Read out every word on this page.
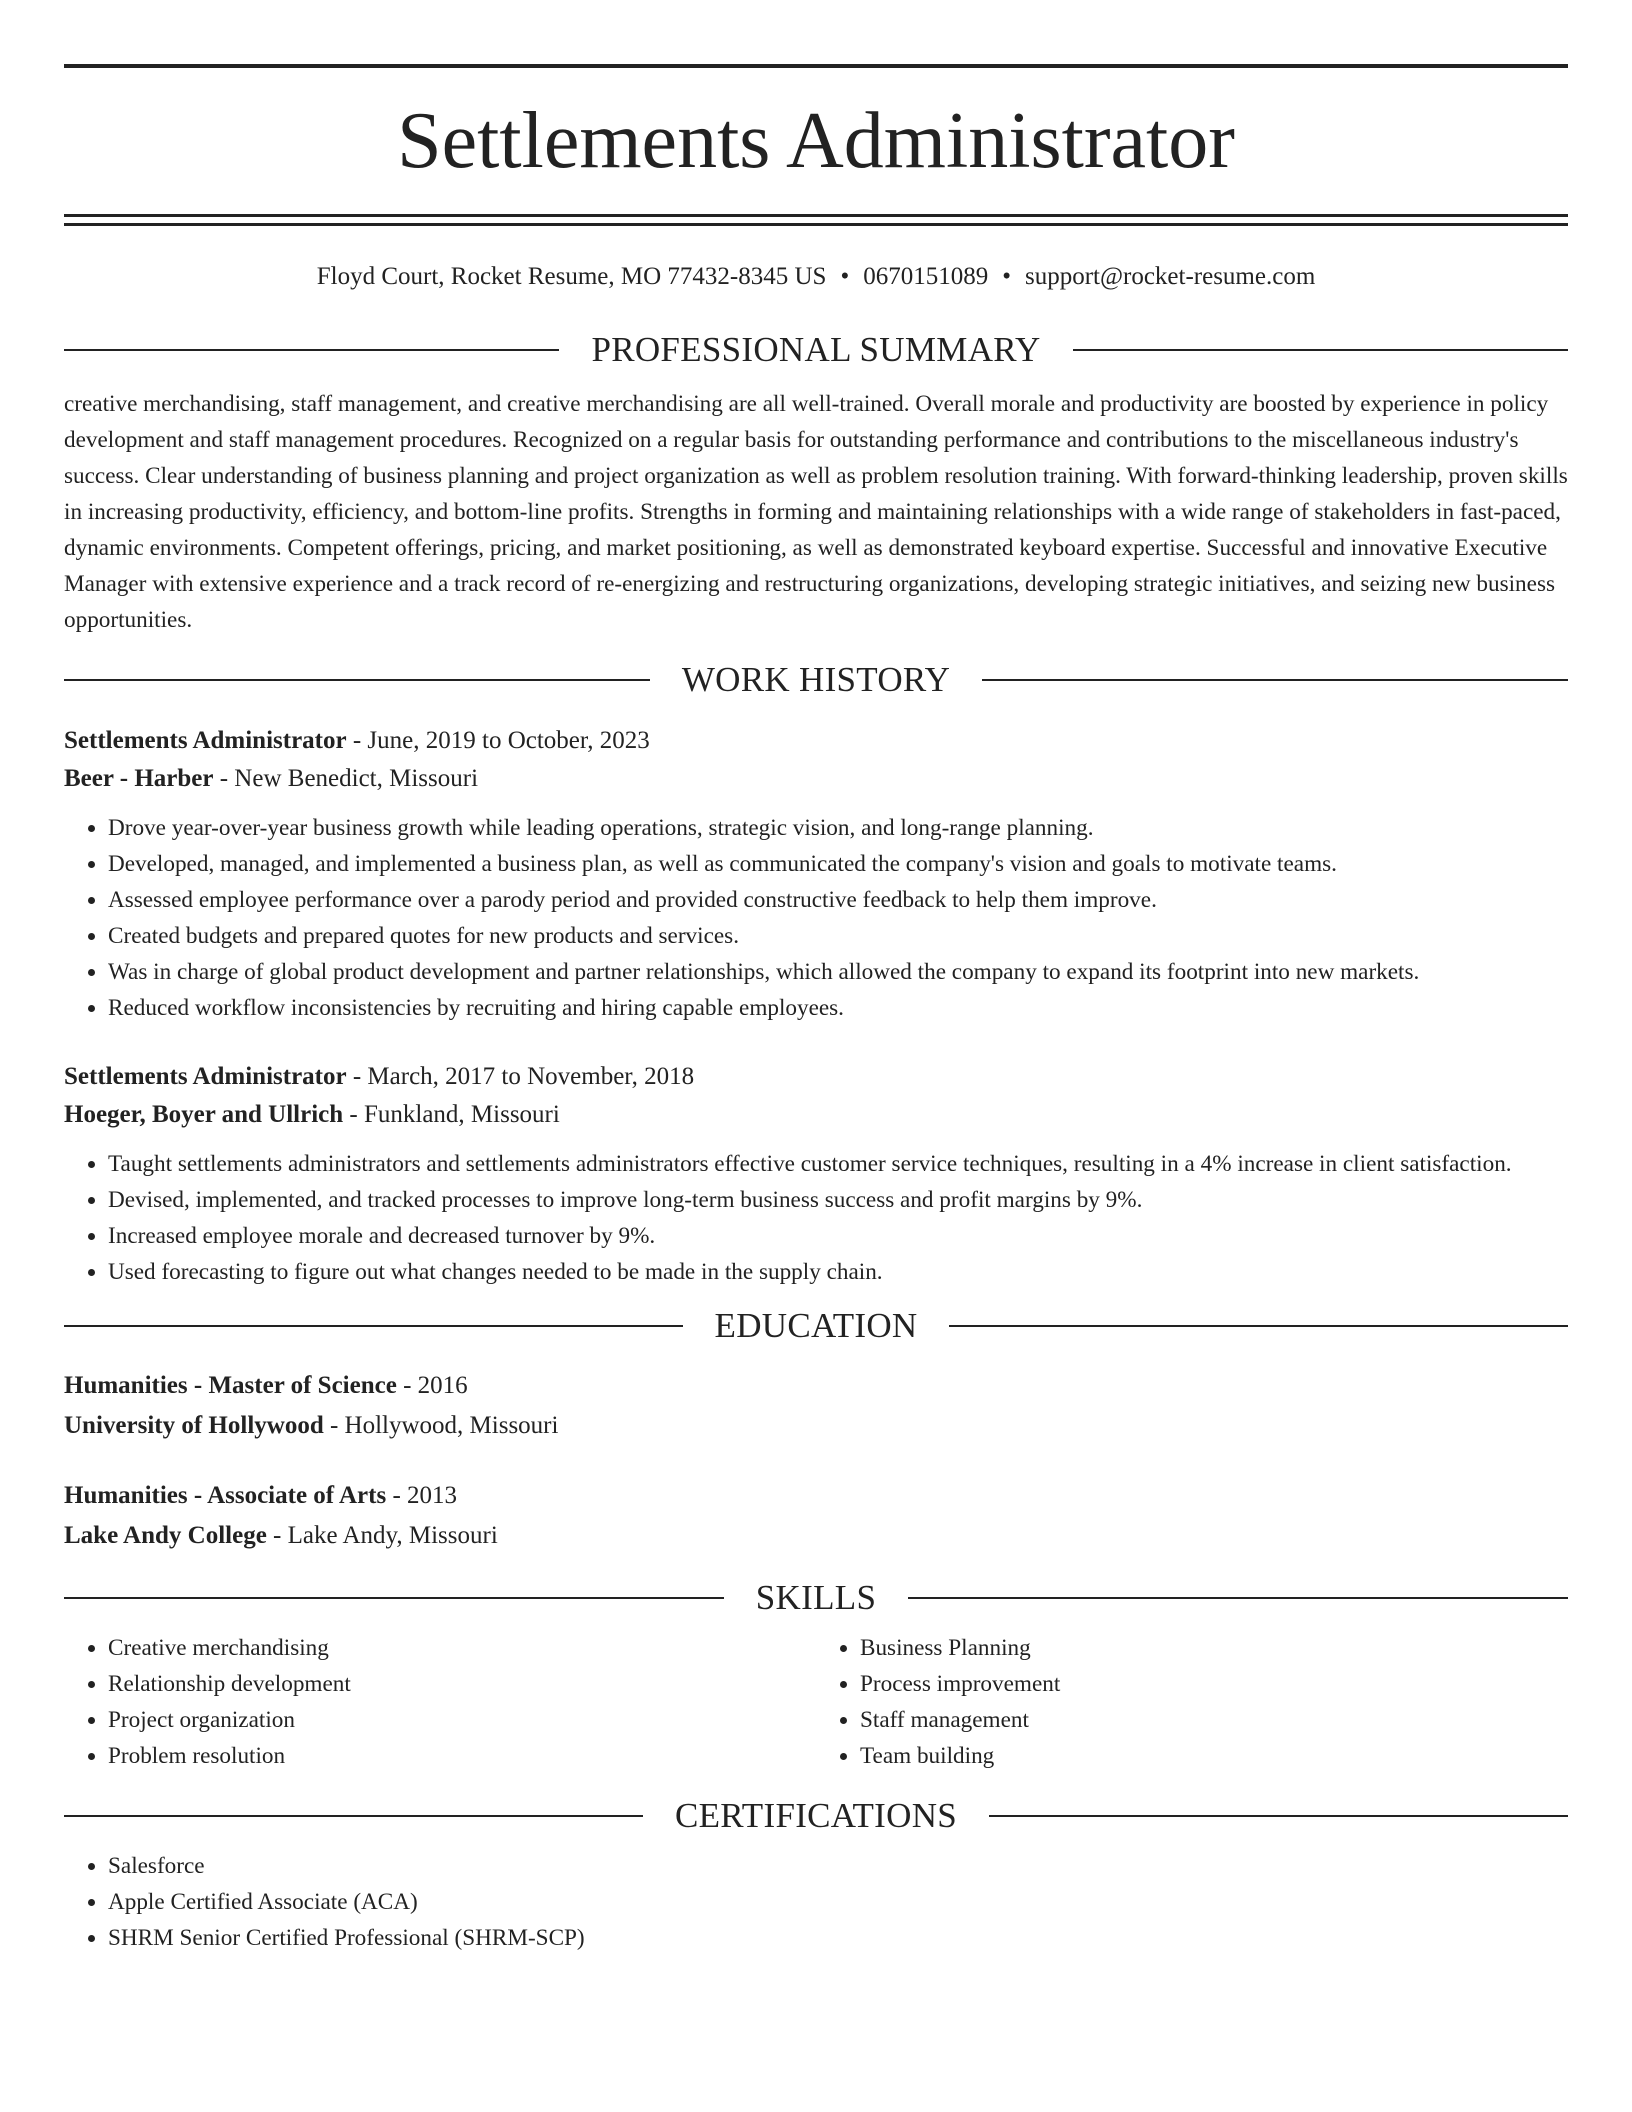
Settlements Administrator
Floyd Court, Rocket Resume, MO 77432-8345 US • 0670151089 • support@rocket-resume.com
PROFESSIONAL SUMMARY

creative merchandising, staff management, and creative merchandising are all well-trained. Overall morale and productivity are boosted by experience in policy development and staff management procedures. Recognized on a regular basis for outstanding performance and contributions to the miscellaneous industry's success. Clear understanding of business planning and project organization as well as problem resolution training. With forward-thinking leadership, proven skills in increasing productivity, efficiency, and bottom-line profits. Strengths in forming and maintaining relationships with a wide range of stakeholders in fast-paced, dynamic environments. Competent offerings, pricing, and market positioning, as well as demonstrated keyboard expertise. Successful and innovative Executive Manager with extensive experience and a track record of re-energizing and restructuring organizations, developing strategic initiatives, and seizing new business opportunities.

WORK HISTORY
Settlements Administrator - June, 2019 to October, 2023
Beer - Harber - New Benedict, Missouri
• Drove year-over-year business growth while leading operations, strategic vision, and long-range planning.
• Developed, managed, and implemented a business plan, as well as communicated the company's vision and goals to motivate teams.
• Assessed employee performance over a parody period and provided constructive feedback to help them improve.
• Created budgets and prepared quotes for new products and services.
• Was in charge of global product development and partner relationships, which allowed the company to expand its footprint into new markets.
• Reduced workflow inconsistencies by recruiting and hiring capable employees.
Settlements Administrator - March, 2017 to November, 2018
Hoeger, Boyer and Ullrich - Funkland, Missouri
• Taught settlements administrators and settlements administrators effective customer service techniques, resulting in a 4% increase in client satisfaction.
• Devised, implemented, and tracked processes to improve long-term business success and profit margins by 9%.
• Increased employee morale and decreased turnover by 9%.
• Used forecasting to figure out what changes needed to be made in the supply chain.
EDUCATION
Humanities - Master of Science - 2016
University of Hollywood - Hollywood, Missouri
Humanities - Associate of Arts - 2013
Lake Andy College - Lake Andy, Missouri
SKILLS
• Creative merchandising
• Relationship development
• Project organization
• Problem resolution
• Business Planning
• Process improvement
• Staff management
• Team building
CERTIFICATIONS
• Salesforce
• Apple Certified Associate (ACA)
• SHRM Senior Certified Professional (SHRM-SCP)
